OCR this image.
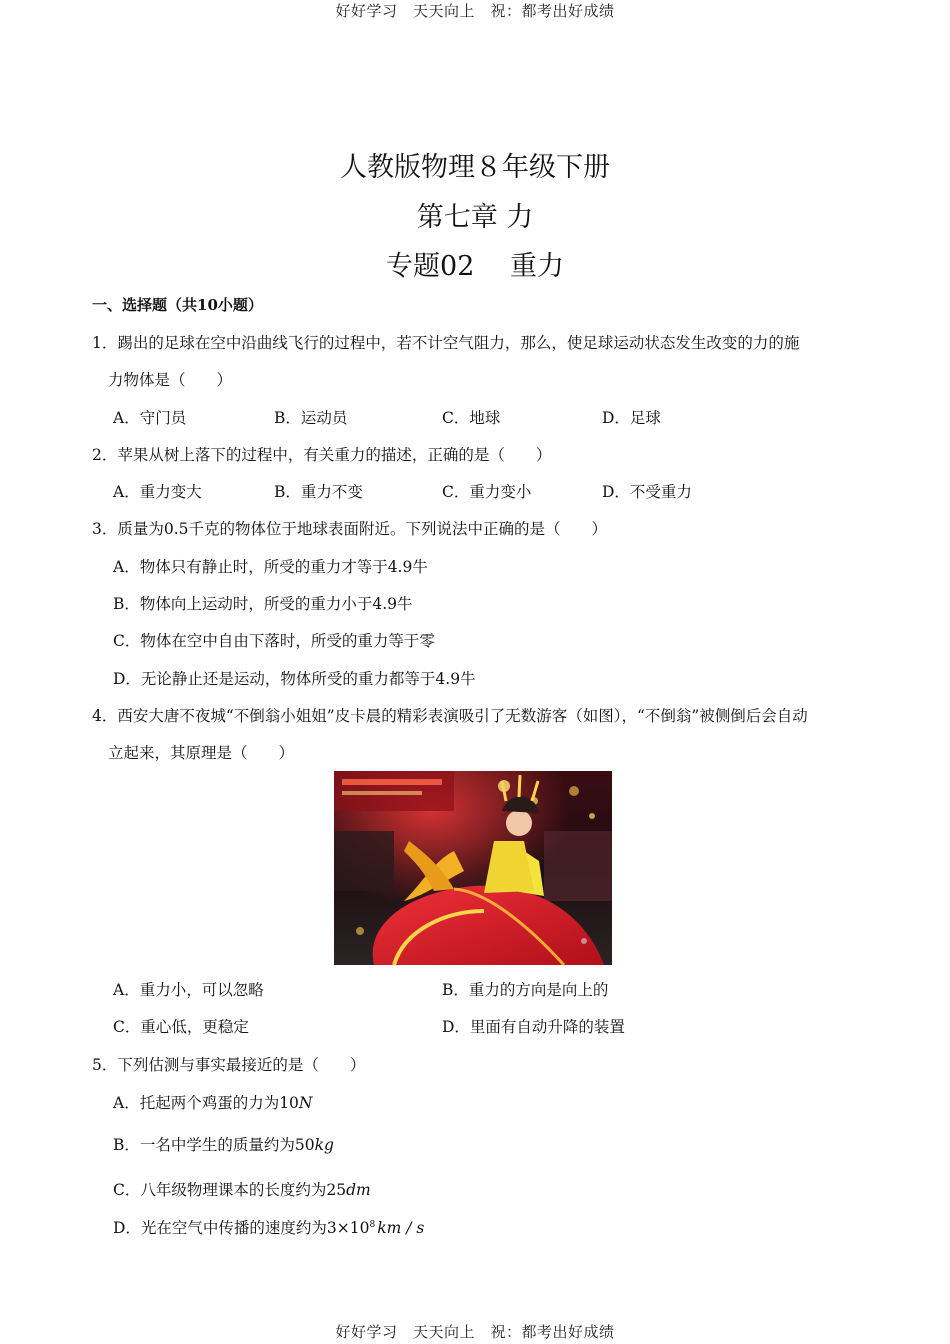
好好学习　天天向上　祝：都考出好成绩
人教版物理８年级下册
第七章 力
专题02　 重力
一、选择题（共10小题）
1．踢出的足球在空中沿曲线飞行的过程中，若不计空气阻力，那么，使足球运动状态发生改变的力的施
力物体是（　　）
A．守门员	B．运动员	C．地球	D．足球
2．苹果从树上落下的过程中，有关重力的描述，正确的是（　　）
A．重力变大	B．重力不变	C．重力变小	D．不受重力
3．质量为0.5千克的物体位于地球表面附近。下列说法中正确的是（　　）
A．物体只有静止时，所受的重力才等于4.9牛
B．物体向上运动时，所受的重力小于4.9牛
C．物体在空中自由下落时，所受的重力等于零
D．无论静止还是运动，物体所受的重力都等于4.9牛
4．西安大唐不夜城“不倒翁小姐姐”皮卡晨的精彩表演吸引了无数游客（如图），“不倒翁”被侧倒后会自动
立起来，其原理是（　　）
A．重力小，可以忽略	B．重力的方向是向上的
C．重心低，更稳定	D．里面有自动升降的装置
5．下列估测与事实最接近的是（　　）
A．托起两个鸡蛋的力为10N
B．一名中学生的质量约为50kg
C．八年级物理课本的长度约为25dm
D．光在空气中传播的速度约为$3\times 10^8$ km / s
好好学习　天天向上　祝：都考出好成绩
